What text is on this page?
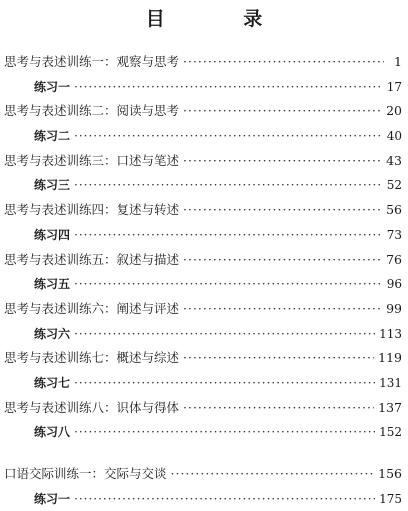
目 录
思考与表述训练一：观察与思考 ·····	1
练习一 ·····	17
思考与表述训练二：阅读与思考 ·····	20
练习二 ·····	40
思考与表述训练三：口述与笔述 ·····	43
练习三 ·····	52
思考与表述训练四：复述与转述 ·····	56
练习四 ·····	73
思考与表述训练五：叙述与描述 ·····	76
练习五 ·····	96
思考与表述训练六：阐述与评述 ·····	99
练习六 ·····	113
思考与表述训练七：概述与综述 ·····	119
练习七 ·····	131
思考与表述训练八：识体与得体 ·····	137
练习八 ·····	152
口语交际训练一：交际与交谈 ·····	156
练习一 ·····	175
